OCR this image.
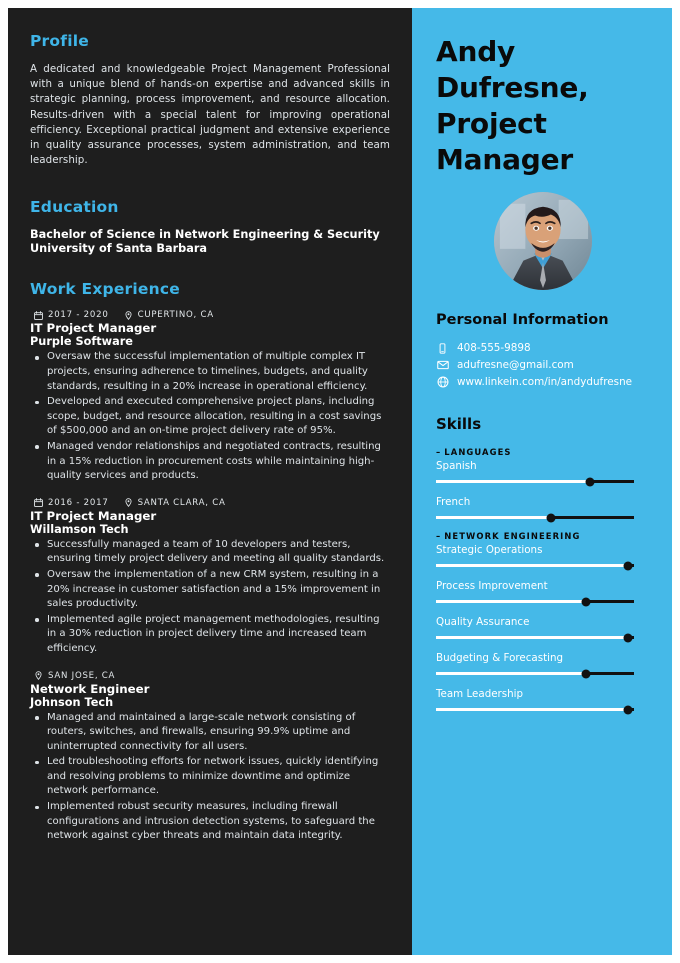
Profile
A dedicated and knowledgeable Project Management Professional with a unique blend of hands-on expertise and advanced skills in strategic planning, process improvement, and resource allocation. Results-driven with a special talent for improving operational efficiency. Exceptional practical judgment and extensive experience in quality assurance processes, system administration, and team leadership.
Education
Bachelor of Science in Network Engineering & Security
University of Santa Barbara
Work Experience
2017 - 2020	CUPERTINO, CA
IT Project Manager
Purple Software
Oversaw the successful implementation of multiple complex IT projects, ensuring adherence to timelines, budgets, and quality standards, resulting in a 20% increase in operational efficiency.
Developed and executed comprehensive project plans, including scope, budget, and resource allocation, resulting in a cost savings of $500,000 and an on-time project delivery rate of 95%.
Managed vendor relationships and negotiated contracts, resulting in a 15% reduction in procurement costs while maintaining high-quality services and products.
2016 - 2017	SANTA CLARA, CA
IT Project Manager
Willamson Tech
Successfully managed a team of 10 developers and testers, ensuring timely project delivery and meeting all quality standards.
Oversaw the implementation of a new CRM system, resulting in a 20% increase in customer satisfaction and a 15% improvement in sales productivity.
Implemented agile project management methodologies, resulting in a 30% reduction in project delivery time and increased team efficiency.
SAN JOSE, CA
Network Engineer
Johnson Tech
Managed and maintained a large-scale network consisting of routers, switches, and firewalls, ensuring 99.9% uptime and uninterrupted connectivity for all users.
Led troubleshooting efforts for network issues, quickly identifying and resolving problems to minimize downtime and optimize network performance.
Implemented robust security measures, including firewall configurations and intrusion detection systems, to safeguard the network against cyber threats and maintain data integrity.
Andy
Dufresne,
Project
Manager
Personal Information
408-555-9898
adufresne@gmail.com
www.linkein.com/in/andydufresne
Skills
– LANGUAGES
Spanish
French
– NETWORK ENGINEERING
Strategic Operations
Process Improvement
Quality Assurance
Budgeting & Forecasting
Team Leadership
